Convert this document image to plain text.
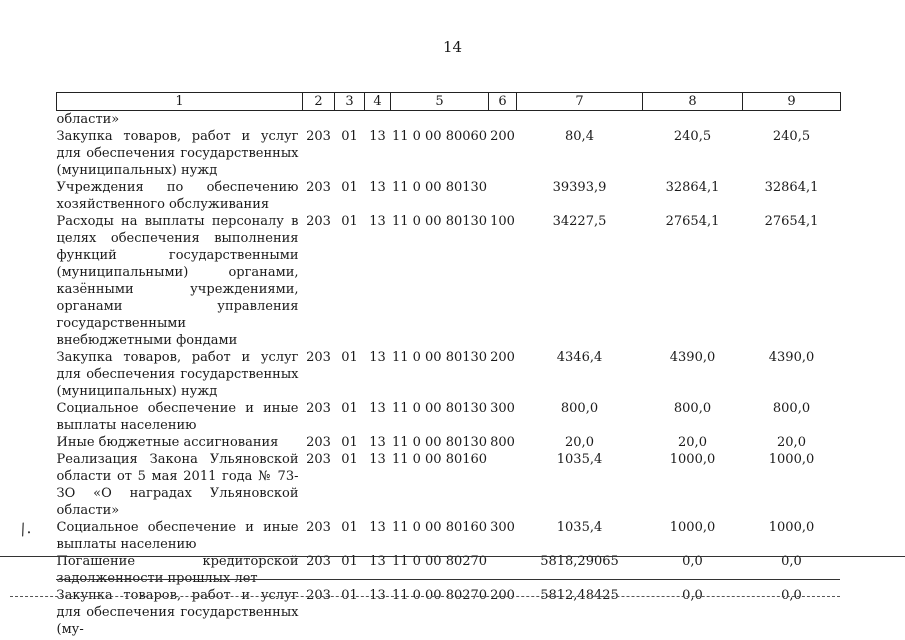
14
1	2	3	4	5	6	7	8	9
области»								
Закупка товаров, работ и услуг для обеспечения государственных (муниципальных) нужд	203	01	13	11 0 00 80060	200	80,4	240,5	240,5
Учреждения по обеспечению хозяйственного обслуживания	203	01	13	11 0 00 80130		39393,9	32864,1	32864,1
Расходы на выплаты персоналу в целях обеспечения выполнения функций государственными (муниципальными) органами, казёнными учреждениями, органами управления государственными внебюджетными фондами	203	01	13	11 0 00 80130	100	34227,5	27654,1	27654,1
Закупка товаров, работ и услуг для обеспечения государственных (муниципальных) нужд	203	01	13	11 0 00 80130	200	4346,4	4390,0	4390,0
Социальное обеспечение и иные выплаты населению	203	01	13	11 0 00 80130	300	800,0	800,0	800,0
Иные бюджетные ассигнования	203	01	13	11 0 00 80130	800	20,0	20,0	20,0
Реализация Закона Ульяновской области от 5 мая 2011 года № 73-ЗО «О наградах Ульяновской области»	203	01	13	11 0 00 80160		1035,4	1000,0	1000,0
Социальное обеспечение и иные выплаты населению	203	01	13	11 0 00 80160	300	1035,4	1000,0	1000,0
Погашение кредиторской задолженности прошлых лет	203	01	13	11 0 00 80270		5818,29065	0,0	0,0
Закупка товаров, работ и услуг для обеспечения государственных (му-	203	01	13	11 0 00 80270	200	5812,48425	0,0	0,0
/.
